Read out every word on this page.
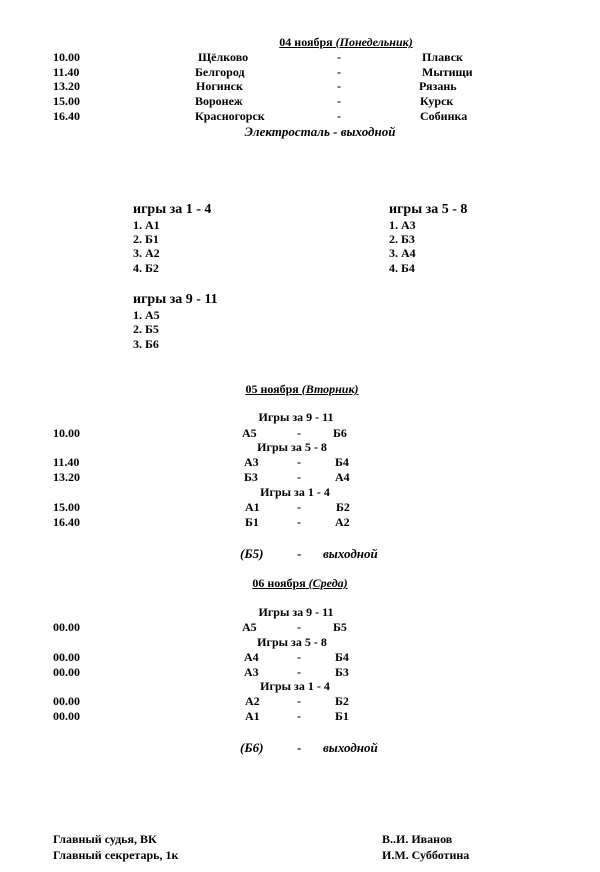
04 ноября (Понедельник)
10.00	Щёлково	-	Плавск
11.40	Белгород	-	Мытищи
13.20	Ногинск	-	Рязань
15.00	Воронеж	-	Курск
16.40	Красногорск	-	Собинка
Электросталь - выходной
игры за 1 - 4
1. А1
2. Б1
3. А2
4. Б2
игры за 5 - 8
1. А3
2. Б3
3. А4
4. Б4
игры за 9 - 11
1. А5
2. Б5
3. Б6
05 ноября (Вторник)
Игры за 9 - 11
10.00	А5	-	Б6
Игры за 5 - 8
11.40	А3	-	Б4
13.20	Б3	-	А4
Игры за 1 - 4
15.00	А1	-	Б2
16.40	Б1	-	А2
(Б5)	- выходной
06 ноября (Среда)
Игры за 9 - 11
00.00	А5	-	Б5
Игры за 5 - 8
00.00	А4	-	Б4
00.00	А3	-	Б3
Игры за 1 - 4
00.00	А2	-	Б2
00.00	А1	-	Б1
(Б6)	- выходной
Главный судья, ВК	В..И. Иванов
Главный секретарь, 1к	И.М. Субботина
